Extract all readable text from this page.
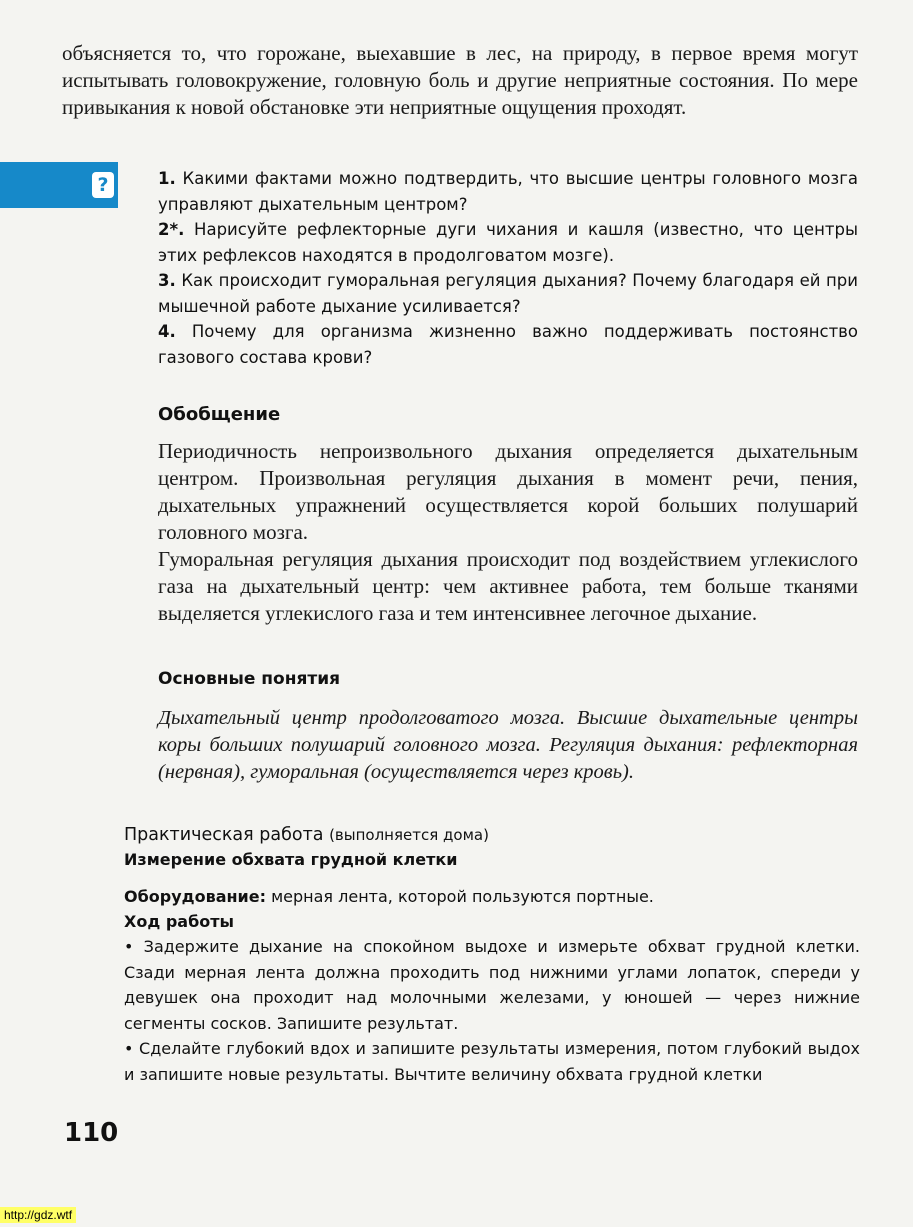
объясняется то, что горожане, выехавшие в лес, на природу, в первое время могут испытывать головокружение, головную боль и другие неприятные состояния. По мере привыкания к новой обстановке эти неприятные ощущения проходят.
?	1. Какими фактами можно подтвердить, что высшие центры головного мозга управляют дыхательным центром?

2*. Нарисуйте рефлекторные дуги чихания и кашля (известно, что центры этих рефлексов находятся в продолговатом мозге).

3. Как происходит гуморальная регуляция дыхания? Почему благодаря ей при мышечной работе дыхание усиливается?

4. Почему для организма жизненно важно поддерживать постоянство газового состава крови?

Обобщение

Периодичность непроизвольного дыхания определяется дыхательным центром. Произвольная регуляция дыхания в момент речи, пения, дыхательных упражнений осуществляется корой больших полушарий головного мозга.

Гуморальная регуляция дыхания происходит под воздействием углекислого газа на дыхательный центр: чем активнее работа, тем больше тканями выделяется углекислого газа и тем интенсивнее легочное дыхание.

Основные понятия
Дыхательный центр продолговатого мозга. Высшие дыхательные центры коры больших полушарий головного мозга. Регуляция дыхания: рефлекторная (нервная), гуморальная (осуществляется через кровь).
Практическая работа (выполняется дома)
Измерение обхвата грудной клетки
Оборудование: мерная лента, которой пользуются портные.
Ход работы

• Задержите дыхание на спокойном выдохе и измерьте обхват грудной клетки. Сзади мерная лента должна проходить под нижними углами лопаток, спереди у девушек она проходит над молочными железами, у юношей — через нижние сегменты сосков. Запишите результат.

• Сделайте глубокий вдох и запишите результаты измерения, потом глубокий выдох и запишите новые результаты. Вычтите величину обхвата грудной клетки

110
http://gdz.wtf
